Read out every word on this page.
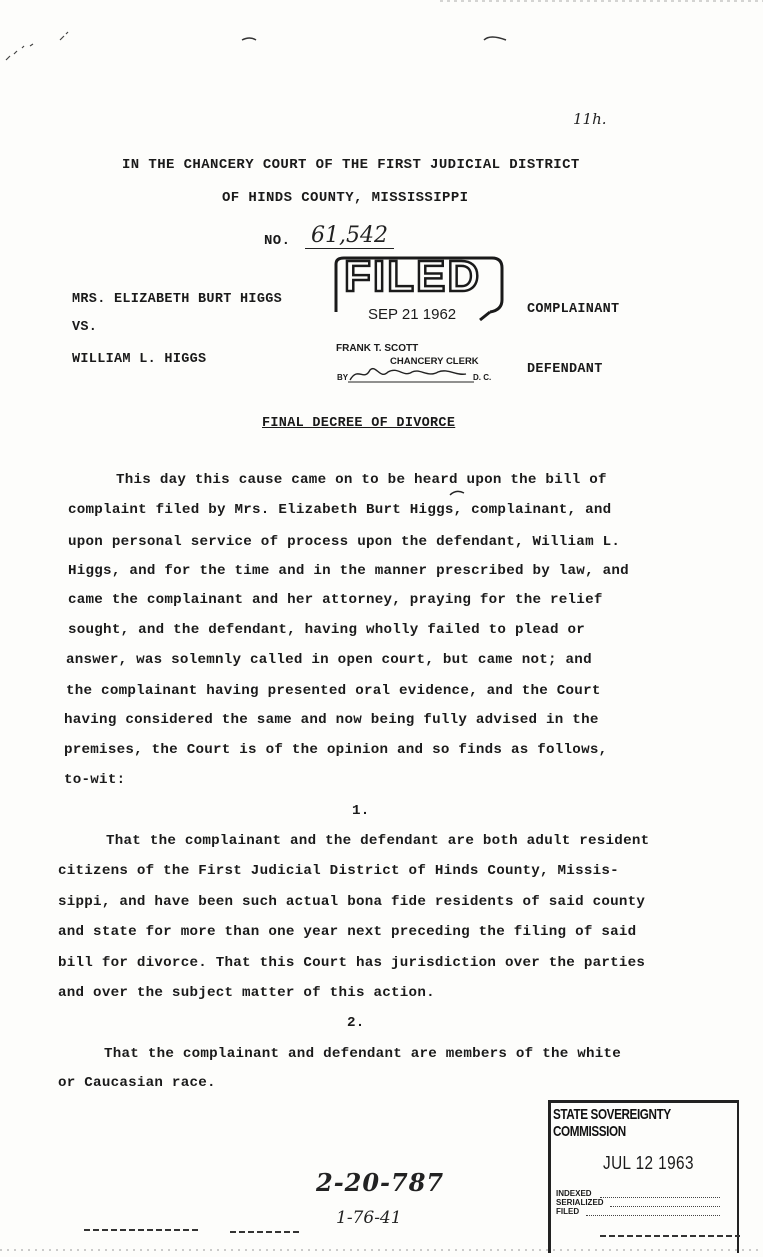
11h.
IN THE CHANCERY COURT OF THE FIRST JUDICIAL DISTRICT
OF HINDS COUNTY, MISSISSIPPI
NO. 61,542
FILED
SEP 21 1962
FRANK T. SCOTT
CHANCERY CLERK
BY	D. C.
MRS. ELIZABETH BURT HIGGS
VS.
WILLIAM L. HIGGS
COMPLAINANT
DEFENDANT
FINAL DECREE OF DIVORCE
This day this cause came on to be heard upon the bill of
complaint filed by Mrs. Elizabeth Burt Higgs, complainant, and
upon personal service of process upon the defendant, William L.
Higgs, and for the time and in the manner prescribed by law, and
came the complainant and her attorney, praying for the relief
sought, and the defendant, having wholly failed to plead or
answer, was solemnly called in open court, but came not; and
the complainant having presented oral evidence, and the Court
having considered the same and now being fully advised in the
premises, the Court is of the opinion and so finds as follows,
to-wit:
1.
That the complainant and the defendant are both adult resident
citizens of the First Judicial District of Hinds County, Missis-
sippi, and have been such actual bona fide residents of said county
and state for more than one year next preceding the filing of said
bill for divorce. That this Court has jurisdiction over the parties
and over the subject matter of this action.
2.
That the complainant and defendant are members of the white
or Caucasian race.
STATE SOVEREIGNTY COMMISSION
JUL 12 1963
INDEXED
SERIALIZED
FILED
2-20-787
1-76-41
